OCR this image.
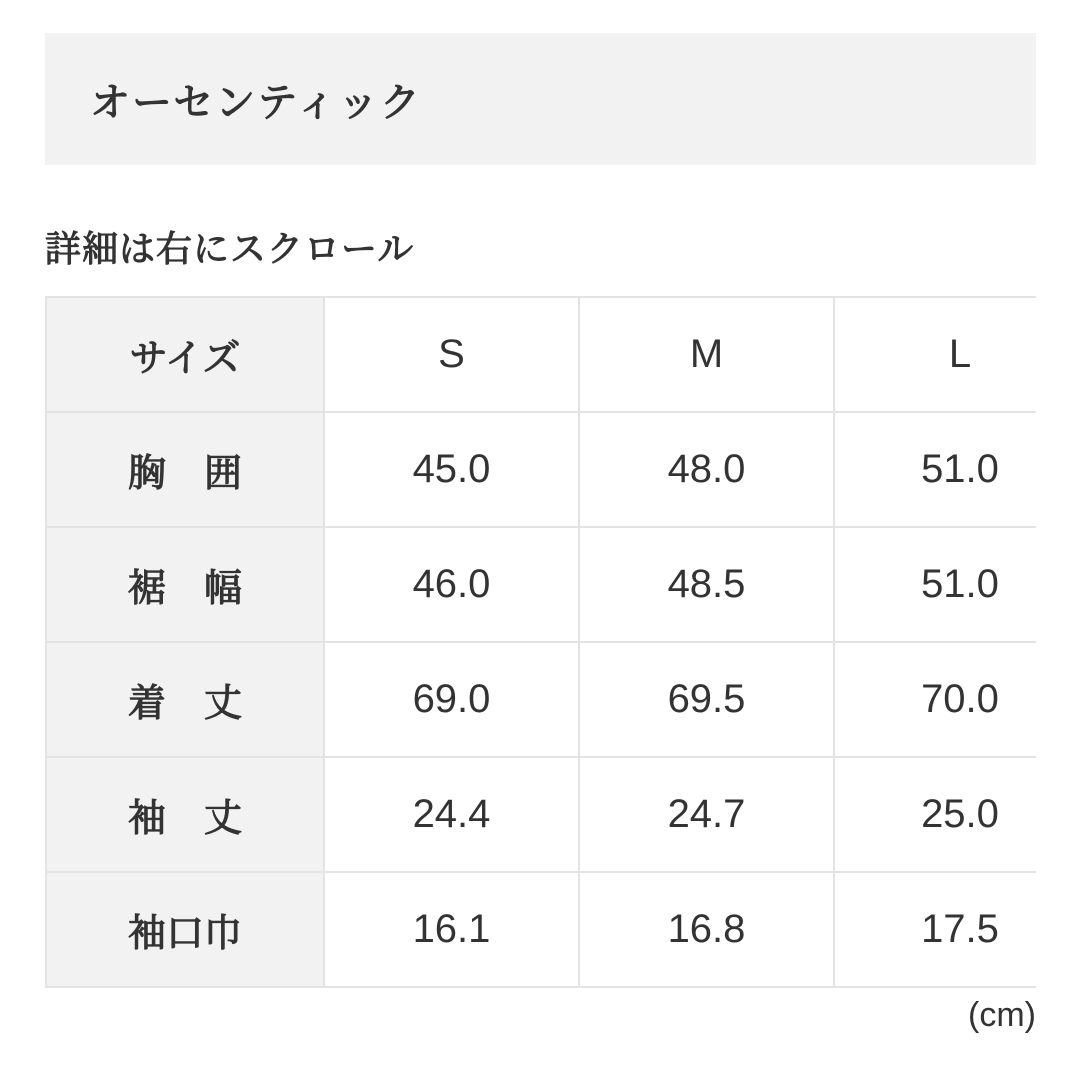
オーセンティック
詳細は右にスクロール
サイズ	S	M	L
胸　囲	45.0	48.0	51.0
裾　幅	46.0	48.5	51.0
着　丈	69.0	69.5	70.0
袖　丈	24.4	24.7	25.0
袖口巾	16.1	16.8	17.5
(cm)
